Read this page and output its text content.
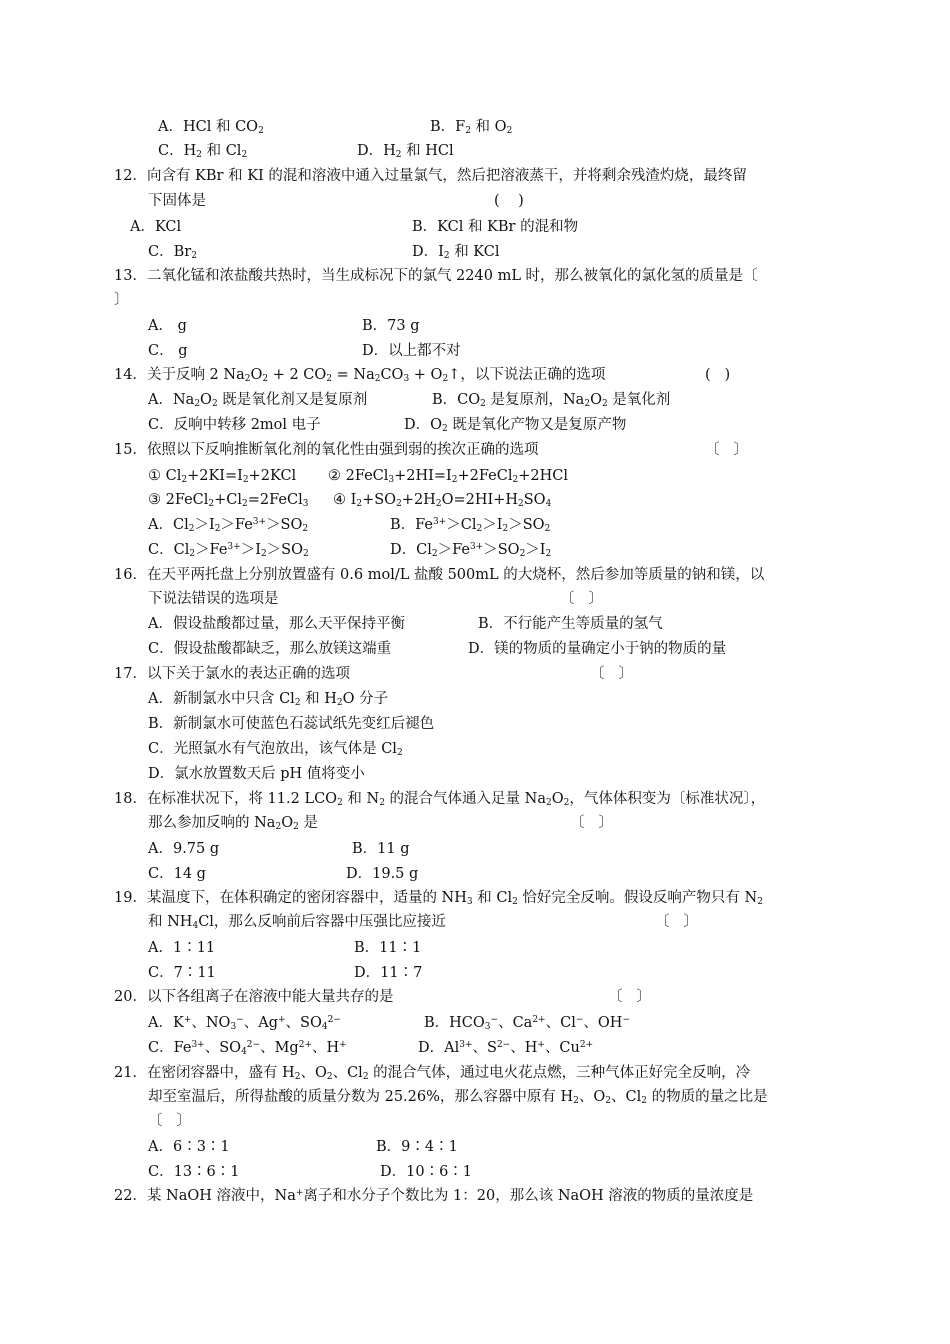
A．HCl 和 $CO_2$	B．$F_2$ 和 $O_2$
C．$H_2$ 和 $Cl_2$	D．$H_2$ 和 HCl
12．向含有 KBr 和 KI 的混和溶液中通入过量氯气，然后把溶液蒸干，并将剩余残渣灼烧，最终留
下固体是	(    )
A．KCl	B．KCl 和 KBr 的混和物
C．$Br_2$	D．$I_2$ 和 KCl
13．二氧化锰和浓盐酸共热时，当生成标况下的氯气 2240 mL 时，那么被氧化的氯化氢的质量是〔
〕
A． g	B．73 g
C． g	D．以上都不对
14．关于反响 2 $Na_2O_2 + 2$ $CO_2 = Na_2CO_3$ + $O_2↑$，以下说法正确的选项	(   )
A．$Na_2O_2$ 既是氧化剂又是复原剂	B．$CO_2$ 是复原剂，$Na_2O_2$ 是氧化剂
C．反响中转移 2mol 电子	D．$O_2$ 既是氧化产物又是复原产物
15．依照以下反响推断氧化剂的氧化性由强到弱的挨次正确的选项	〔   〕
① $Cl_2+2KI=I_2+2KCl$ ② $2FeCl_3+2HI=I_2+2FeCl_2+2HCl$
③ $2FeCl_2+Cl_2=2FeCl_3$ ④ $I_2+SO_2+2H_2O=2HI+H_2SO_4$
A．$Cl_2>I_2>Fe^{3+}>SO_2$	B．$Fe^{3+}>Cl_2>I_2>SO_2$
C．$Cl_2>Fe^{3+}>I_2>SO_2$	D．$Cl_2>Fe^{3+}>SO_2>I_2$
16．在天平两托盘上分别放置盛有 0.6 mol/L 盐酸 500mL 的大烧杯，然后参加等质量的钠和镁，以
下说法错误的选项是	〔   〕
A．假设盐酸都过量，那么天平保持平衡	B．不行能产生等质量的氢气
C．假设盐酸都缺乏，那么放镁这端重	D．镁的物质的量确定小于钠的物质的量
17．以下关于氯水的表达正确的选项	〔   〕
A．新制氯水中只含 $Cl_2$ 和 $H_2O$ 分子
B．新制氯水可使蓝色石蕊试纸先变红后褪色
C．光照氯水有气泡放出，该气体是 $Cl_2$
D．氯水放置数天后 pH 值将变小
18．在标准状况下，将 11.2 $LCO_2$ 和 $N_2$ 的混合气体通入足量 $Na_2O_2$，气体体积变为〔标准状况〕，
那么参加反响的 $Na_2O_2$ 是	〔   〕
A．9.75 g	B．11 g
C．14 g	D．19.5 g
19．某温度下，在体积确定的密闭容器中，适量的 $NH_3$ 和 $Cl_2$ 恰好完全反响。假设反响产物只有 $N_2$
和 $NH_4Cl$，那么反响前后容器中压强比应接近	〔   〕
A．1∶11	B．11∶1
C．7∶11	D．11∶7
20．以下各组离子在溶液中能大量共存的是	〔   〕
A．K+、$NO_3^-$、Ag+、$SO_4^{2-}$	B．$HCO_3^-$、$Ca^{2+}$、Cl−、OH−
C．$Fe^{3+}$、$SO_4^{2-}$、$Mg^{2+}$、H+	D．$Al^{3+}$、$S^{2-}$、H+、$Cu^{2+}$
21．在密闭容器中，盛有 $H_2$、$O_2$、$Cl_2$ 的混合气体，通过电火花点燃，三种气体正好完全反响，冷
却至室温后，所得盐酸的质量分数为 25.26%，那么容器中原有 $H_2$、$O_2$、$Cl_2$ 的物质的量之比是
〔   〕
A．6∶3∶1	B．9∶4∶1
C．13∶6∶1	D．10∶6∶1
22．某 NaOH 溶液中，Na+离子和水分子个数比为 1：20，那么该 NaOH 溶液的物质的量浓度是
